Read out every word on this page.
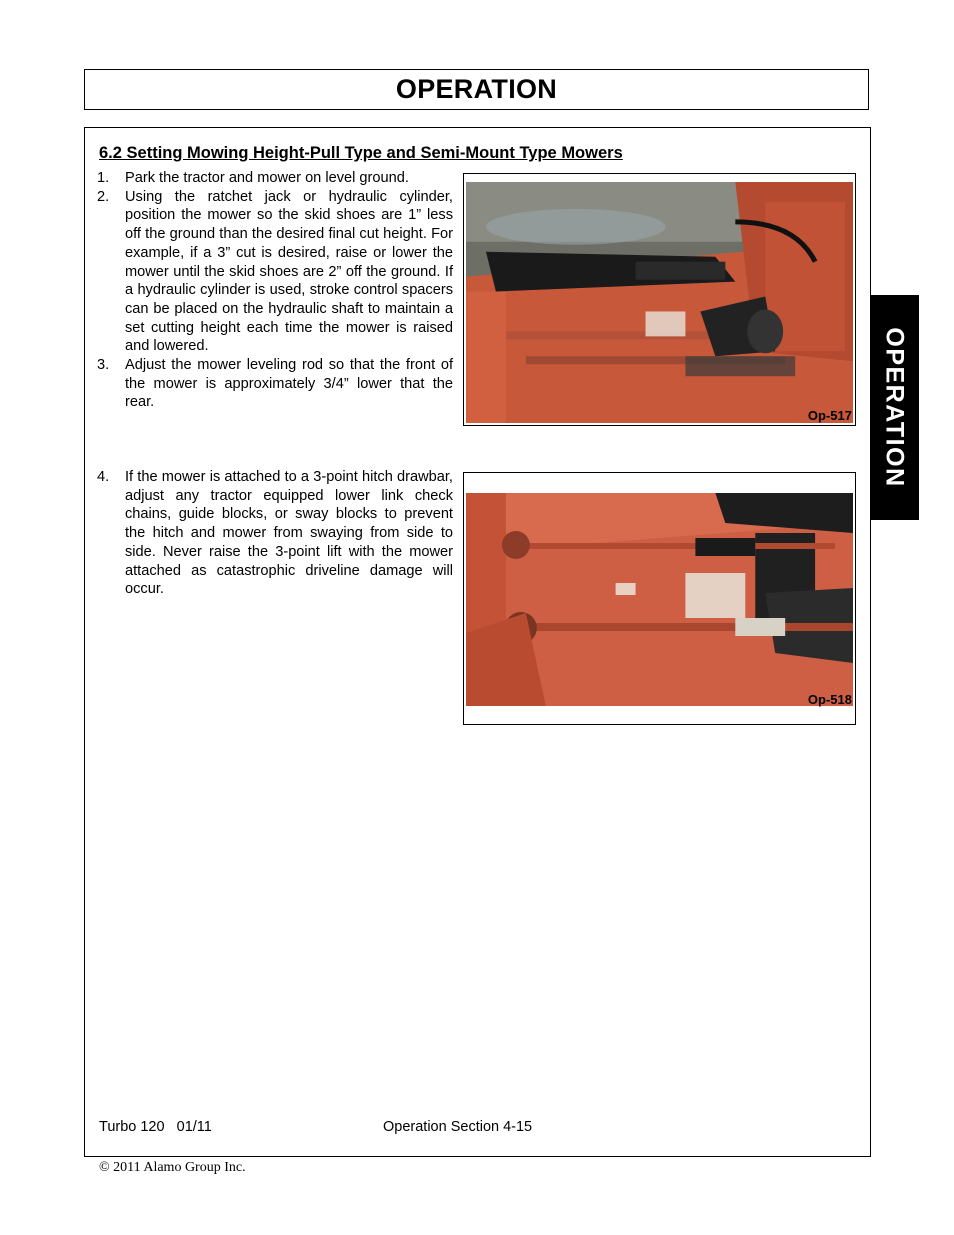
OPERATION
6.2 Setting Mowing Height-Pull Type and Semi-Mount Type Mowers
1.	Park the tractor and mower on level ground.
2.	Using the ratchet jack or hydraulic cylinder, position the mower so the skid shoes are 1” less off the ground than the desired final cut height. For example, if a 3” cut is desired, raise or lower the mower until the skid shoes are 2” off the ground. If a hydraulic cylinder is used, stroke control spacers can be placed on the hydraulic shaft to maintain a set cutting height each time the mower is raised and lowered.
3.	Adjust the mower leveling rod so that the front of the mower is approximately 3/4” lower that the rear.
4.	If the mower is attached to a 3-point hitch drawbar, adjust any tractor equipped lower link check chains, guide blocks, or sway blocks to prevent the hitch and mower from swaying from side to side. Never raise the 3-point lift with the mower attached as catastrophic driveline damage will occur.
Op-517
Op-518
OPERATION
Turbo 120   01/11	Operation Section 4-15
© 2011 Alamo Group Inc.
